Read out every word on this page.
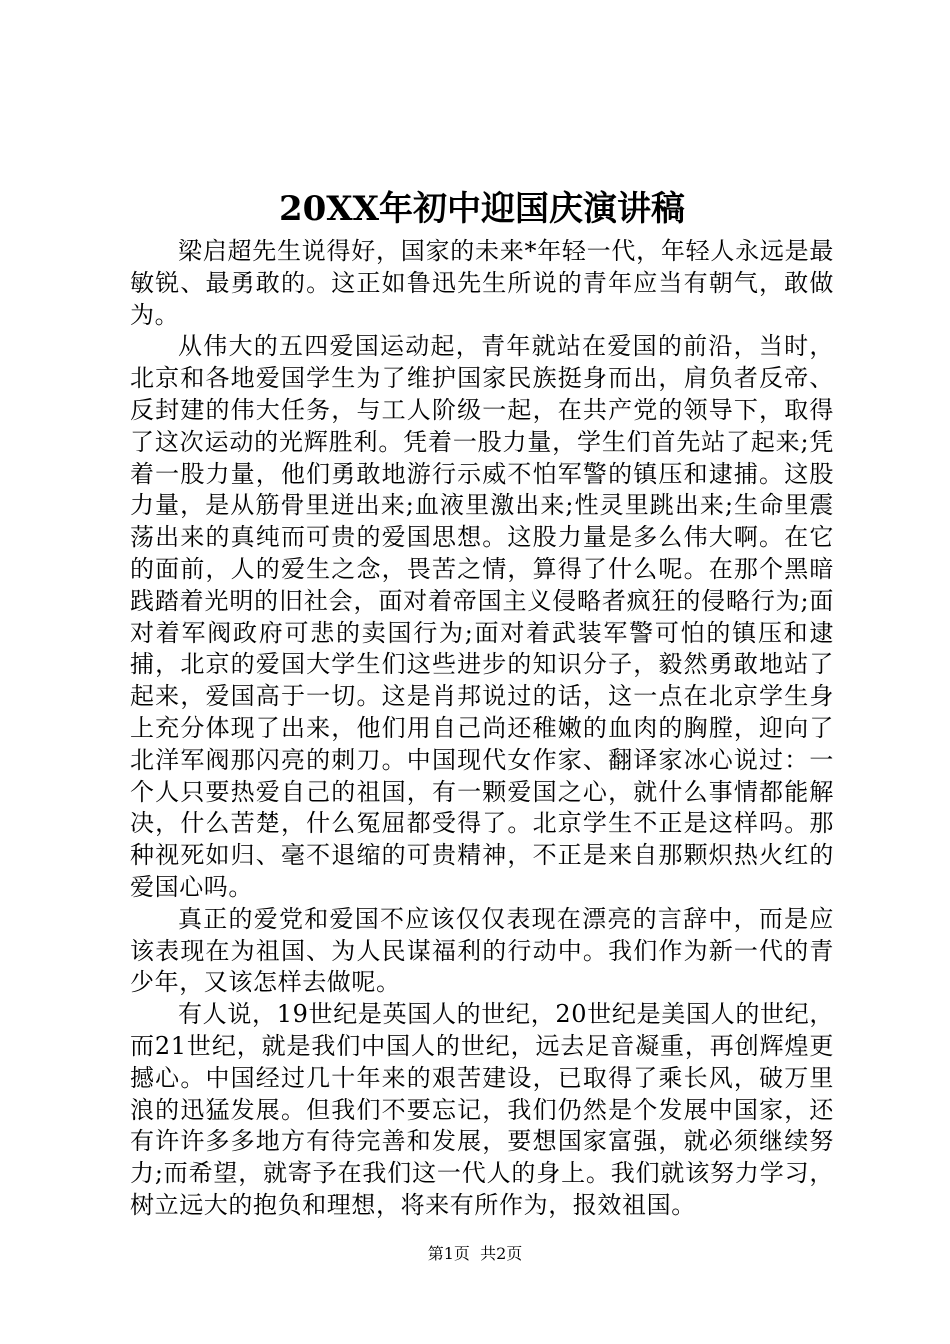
20XX年初中迎国庆演讲稿

梁启超先生说得好，国家的未来*年轻一代，年轻人永远是最敏锐、最勇敢的。这正如鲁迅先生所说的青年应当有朝气，敢做为。

从伟大的五四爱国运动起，青年就站在爱国的前沿，当时，北京和各地爱国学生为了维护国家民族挺身而出，肩负者反帝、反封建的伟大任务，与工人阶级一起，在共产党的领导下，取得了这次运动的光辉胜利。凭着一股力量，学生们首先站了起来;凭着一股力量，他们勇敢地游行示威不怕军警的镇压和逮捕。这股力量，是从筋骨里迸出来;血液里激出来;性灵里跳出来;生命里震荡出来的真纯而可贵的爱国思想。这股力量是多么伟大啊。在它的面前，人的爱生之念，畏苦之情，算得了什么呢。在那个黑暗践踏着光明的旧社会，面对着帝国主义侵略者疯狂的侵略行为;面对着军阀政府可悲的卖国行为;面对着武装军警可怕的镇压和逮捕，北京的爱国大学生们这些进步的知识分子，毅然勇敢地站了起来，爱国高于一切。这是肖邦说过的话，这一点在北京学生身上充分体现了出来，他们用自己尚还稚嫩的血肉的胸膛，迎向了北洋军阀那闪亮的刺刀。中国现代女作家、翻译家冰心说过：一个人只要热爱自己的祖国，有一颗爱国之心，就什么事情都能解决，什么苦楚，什么冤屈都受得了。北京学生不正是这样吗。那种视死如归、毫不退缩的可贵精神，不正是来自那颗炽热火红的爱国心吗。

真正的爱党和爱国不应该仅仅表现在漂亮的言辞中，而是应该表现在为祖国、为人民谋福利的行动中。我们作为新一代的青少年，又该怎样去做呢。

有人说，19世纪是英国人的世纪，20世纪是美国人的世纪，而21世纪，就是我们中国人的世纪，远去足音凝重，再创辉煌更撼心。中国经过几十年来的艰苦建设，已取得了乘长风，破万里浪的迅猛发展。但我们不要忘记，我们仍然是个发展中国家，还有许许多多地方有待完善和发展，要想国家富强，就必须继续努力;而希望，就寄予在我们这一代人的身上。我们就该努力学习，树立远大的抱负和理想，将来有所作为，报效祖国。

第1页 共2页
